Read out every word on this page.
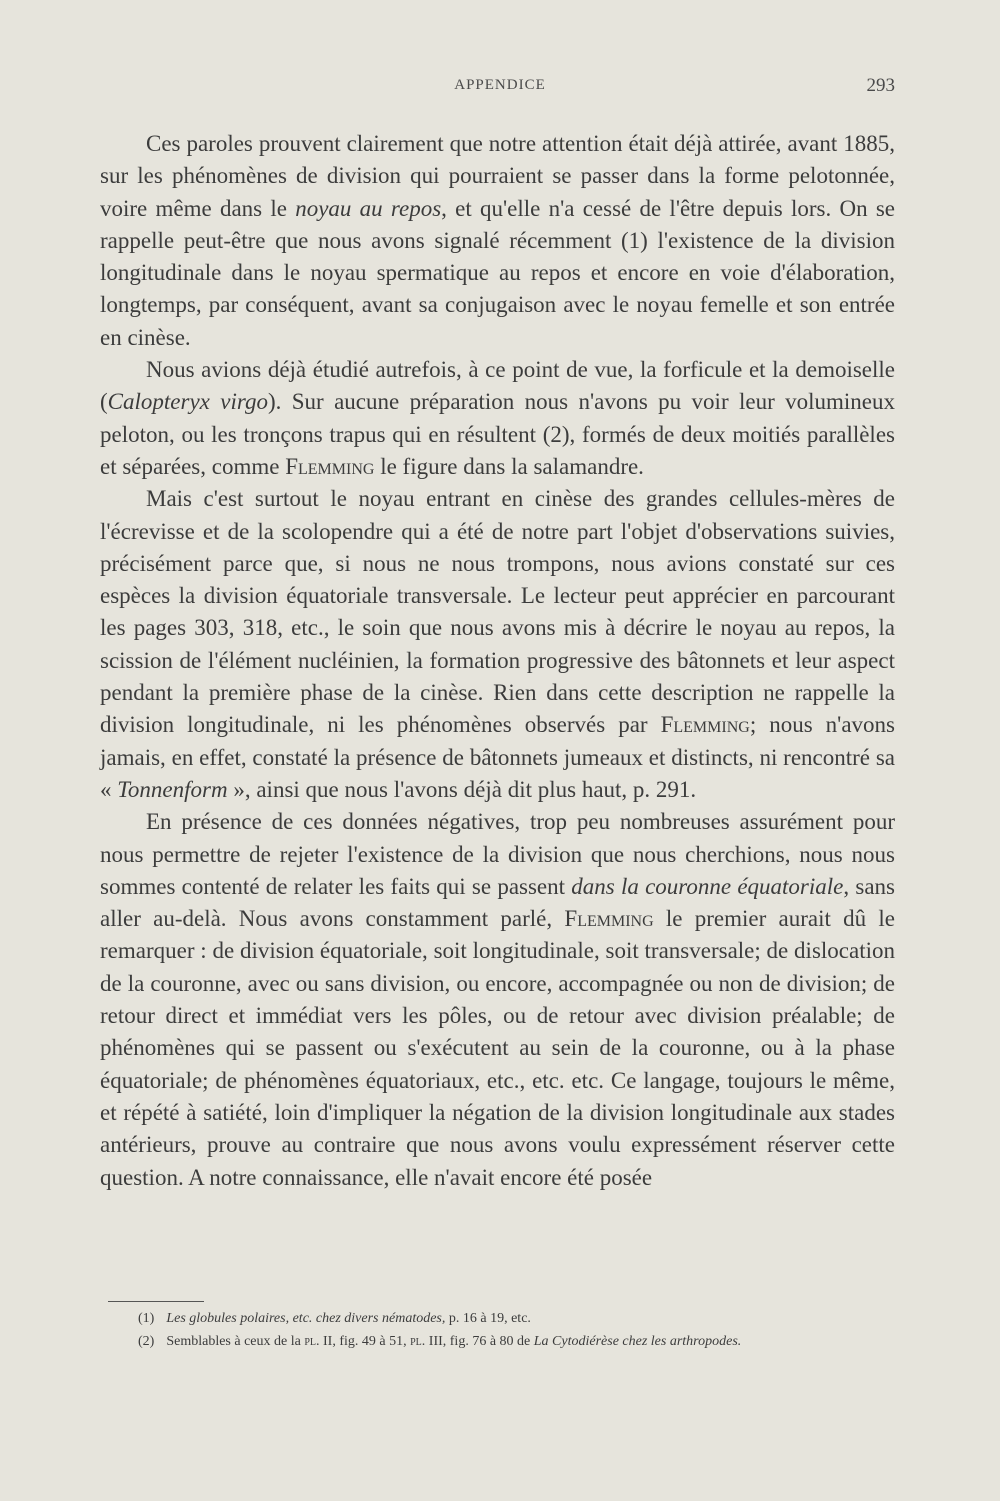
APPENDICE	293

Ces paroles prouvent clairement que notre attention était déjà attirée, avant 1885, sur les phénomènes de division qui pourraient se passer dans la forme pelotonnée, voire même dans le noyau au repos, et qu'elle n'a cessé de l'être depuis lors. On se rappelle peut-être que nous avons signalé récemment (1) l'existence de la division longitudinale dans le noyau spermatique au repos et encore en voie d'élaboration, longtemps, par conséquent, avant sa conjugaison avec le noyau femelle et son entrée en cinèse.

Nous avions déjà étudié autrefois, à ce point de vue, la forficule et la demoiselle (Calopteryx virgo). Sur aucune préparation nous n'avons pu voir leur volumineux peloton, ou les tronçons trapus qui en résultent (2), formés de deux moitiés parallèles et séparées, comme Flemming le figure dans la salamandre.

Mais c'est surtout le noyau entrant en cinèse des grandes cellules-mères de l'écrevisse et de la scolopendre qui a été de notre part l'objet d'observations suivies, précisément parce que, si nous ne nous trompons, nous avions constaté sur ces espèces la division équatoriale transversale. Le lecteur peut apprécier en parcourant les pages 303, 318, etc., le soin que nous avons mis à décrire le noyau au repos, la scission de l'élément nucléinien, la formation progressive des bâtonnets et leur aspect pendant la première phase de la cinèse. Rien dans cette description ne rappelle la division longitudinale, ni les phénomènes observés par Flemming; nous n'avons jamais, en effet, constaté la présence de bâtonnets jumeaux et distincts, ni rencontré sa « Tonnenform », ainsi que nous l'avons déjà dit plus haut, p. 291.

En présence de ces données négatives, trop peu nombreuses assurément pour nous permettre de rejeter l'existence de la division que nous cherchions, nous nous sommes contenté de relater les faits qui se passent dans la couronne équatoriale, sans aller au-delà. Nous avons constamment parlé, Flemming le premier aurait dû le remarquer : de division équatoriale, soit longitudinale, soit transversale; de dislocation de la couronne, avec ou sans division, ou encore, accompagnée ou non de division; de retour direct et immédiat vers les pôles, ou de retour avec division préalable; de phénomènes qui se passent ou s'exécutent au sein de la couronne, ou à la phase équatoriale; de phénomènes équatoriaux, etc., etc. etc. Ce langage, toujours le même, et répété à satiété, loin d'impliquer la négation de la division longitudinale aux stades antérieurs, prouve au contraire que nous avons voulu expressément réserver cette question. A notre connaissance, elle n'avait encore été posée

(1) Les globules polaires, etc. chez divers nématodes, p. 16 à 19, etc.
(2) Semblables à ceux de la pl. II, fig. 49 à 51, pl. III, fig. 76 à 80 de La Cytodiérèse chez les arthropodes.
